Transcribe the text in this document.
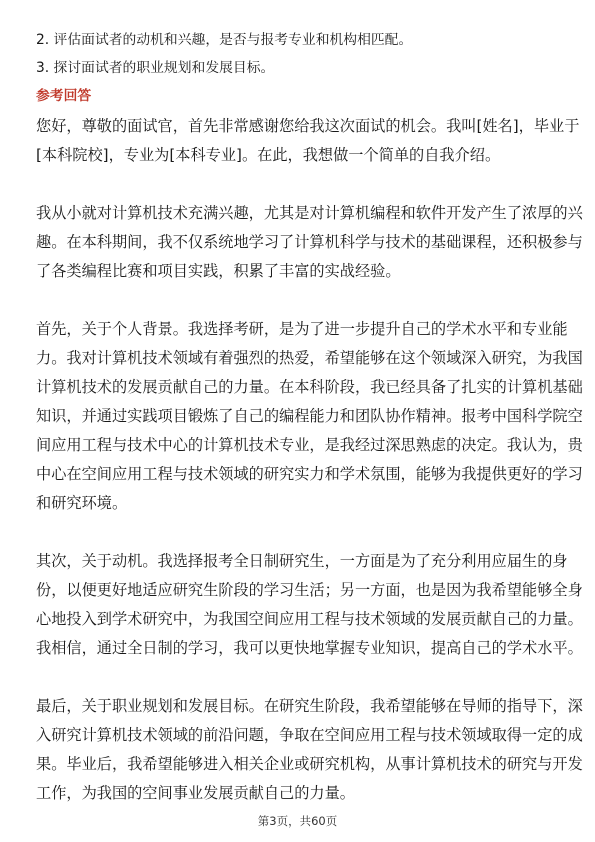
2. 评估面试者的动机和兴趣，是否与报考专业和机构相匹配。

3. 探讨面试者的职业规划和发展目标。

参考回答

您好，尊敬的面试官，首先非常感谢您给我这次面试的机会。我叫[姓名]，毕业于

[本科院校]，专业为[本科专业]。在此，我想做一个简单的自我介绍。

我从小就对计算机技术充满兴趣，尤其是对计算机编程和软件开发产生了浓厚的兴

趣。在本科期间，我不仅系统地学习了计算机科学与技术的基础课程，还积极参与

了各类编程比赛和项目实践，积累了丰富的实战经验。

首先，关于个人背景。我选择考研，是为了进一步提升自己的学术水平和专业能

力。我对计算机技术领域有着强烈的热爱，希望能够在这个领域深入研究，为我国

计算机技术的发展贡献自己的力量。在本科阶段，我已经具备了扎实的计算机基础

知识，并通过实践项目锻炼了自己的编程能力和团队协作精神。报考中国科学院空

间应用工程与技术中心的计算机技术专业，是我经过深思熟虑的决定。我认为，贵

中心在空间应用工程与技术领域的研究实力和学术氛围，能够为我提供更好的学习

和研究环境。

其次，关于动机。我选择报考全日制研究生，一方面是为了充分利用应届生的身

份，以便更好地适应研究生阶段的学习生活；另一方面，也是因为我希望能够全身

心地投入到学术研究中，为我国空间应用工程与技术领域的发展贡献自己的力量。

我相信，通过全日制的学习，我可以更快地掌握专业知识，提高自己的学术水平。

最后，关于职业规划和发展目标。在研究生阶段，我希望能够在导师的指导下，深

入研究计算机技术领域的前沿问题，争取在空间应用工程与技术领域取得一定的成

果。毕业后，我希望能够进入相关企业或研究机构，从事计算机技术的研究与开发

工作，为我国的空间事业发展贡献自己的力量。

第3页，共60页
